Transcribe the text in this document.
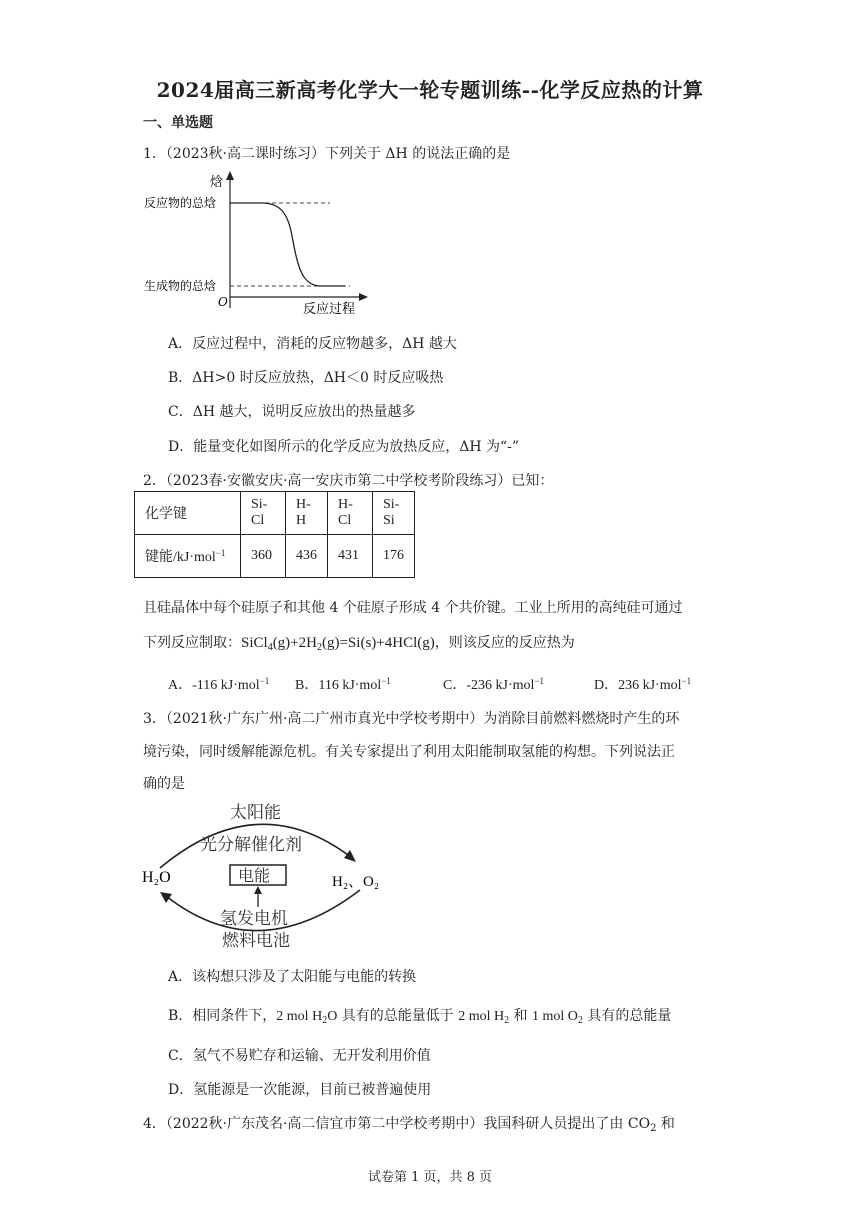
2024届高三新高考化学大一轮专题训练--化学反应热的计算
一、单选题
1．（2023秋·高二课时练习）下列关于 ΔH 的说法正确的是
焓
反应物的总焓
生成物的总焓
O	反应过程
A．反应过程中，消耗的反应物越多，ΔH 越大
B．ΔH>0 时反应放热，ΔH＜0 时反应吸热
C．ΔH 越大，说明反应放出的热量越多
D．能量变化如图所示的化学反应为放热反应，ΔH 为“-”
2．（2023春·安徽安庆·高一安庆市第二中学校考阶段练习）已知：
化学键	Si-Cl	H-H	H-Cl	Si-Si
键能/kJ·mol$^{-1}$	360	436	431	176
且硅晶体中每个硅原子和其他 4 个硅原子形成 4 个共价键。工业上所用的高纯硅可通过
下列反应制取：$SiCl_4(g)+2H_2(g)=Si(s)+4HCl(g)$，则该反应的反应热为
A．-116 kJ·mol$^{-1}$ B．116 kJ·mol$^{-1}$	C．-236 kJ·mol$^{-1}$	D．236 kJ·mol$^{-1}$
3．（2021秋·广东广州·高二广州市真光中学校考期中）为消除目前燃料燃烧时产生的环
境污染，同时缓解能源危机。有关专家提出了利用太阳能制取氢能的构想。下列说法正
确的是
太阳能
光分解催化剂
H₂O	电能	H₂、O₂
氢发电机
燃料电池
A．该构想只涉及了太阳能与电能的转换
B．相同条件下，2 mol $H_2O$ 具有的总能量低于 2 mol $H_2$ 和 1 mol $O_2$ 具有的总能量
C．氢气不易贮存和运输、无开发利用价值
D．氢能源是一次能源，目前已被普遍使用
4．（2022秋·广东茂名·高二信宜市第二中学校考期中）我国科研人员提出了由 $CO_2$ 和
试卷第 1 页，共 8 页
